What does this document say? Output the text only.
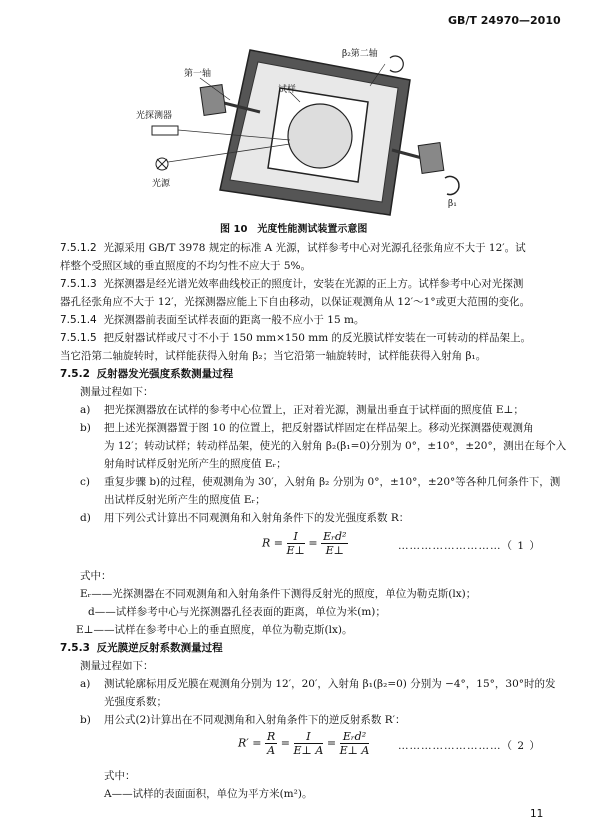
GB/T 24970—2010
β₂第二轴
第一轴
试样
光探测器
光源
β₁
图 10　光度性能测试装置示意图
7.5.1.2 光源采用 GB/T 3978 规定的标准 A 光源，试样参考中心对光源孔径张角应不大于 12′。试
样整个受照区域的垂直照度的不均匀性不应大于 5%。
7.5.1.3 光探测器是经光谱光效率曲线校正的照度计，安装在光源的正上方。试样参考中心对光探测
器孔径张角应不大于 12′，光探测器应能上下自由移动，以保证观测角从 12′～1°或更大范围的变化。
7.5.1.4 光探测器前表面至试样表面的距离一般不应小于 15 m。
7.5.1.5 把反射器试样或尺寸不小于 150 mm×150 mm 的反光膜试样安装在一可转动的样品架上。
当它沿第二轴旋转时，试样能获得入射角 β₂；当它沿第一轴旋转时，试样能获得入射角 β₁。
7.5.2 反射器发光强度系数测量过程
测量过程如下：
a) 把光探测器放在试样的参考中心位置上，正对着光源，测量出垂直于试样面的照度值 E⊥；
b) 把上述光探测器置于图 10 的位置上，把反射器试样固定在样品架上。移动光探测器使观测角
为 12′；转动试样；转动样品架，使光的入射角 β₂(β₁=0)分别为 0°，±10°，±20°，测出在每个入
射角时试样反射光所产生的照度值 Eᵣ；
c) 重复步骤 b)的过程，使观测角为 30′，入射角 β₂ 分别为 0°，±10°，±20°等各种几何条件下，测
出试样反射光所产生的照度值 Eᵣ；
d) 用下列公式计算出不同观测角和入射角条件下的发光强度系数 R：
$R = \frac{I}{E\perp} = \frac{\text{Eᵣd²}}{E\perp}$	………………………（ 1 ）
式中：
Eᵣ——光探测器在不同观测角和入射角条件下测得反射光的照度，单位为勒克斯(lx)；
d——试样参考中心与光探测器孔径表面的距离，单位为米(m)；
E⊥——试样在参考中心上的垂直照度，单位为勒克斯(lx)。
7.5.3 反光膜逆反射系数测量过程
测量过程如下：
a) 测试轮廓标用反光膜在观测角分别为 12′，20′，入射角 β₁(β₂=0) 分别为 −4°，15°，30°时的发
光强度系数；
b) 用公式(2)计算出在不同观测角和入射角条件下的逆反射系数 R′：
$R' = \frac{R}{A} = \frac{I}{E\perp A} = \frac{\text{Eᵣd²}}{E\perp A}$	………………………（ 2 ）
式中：
A——试样的表面面积，单位为平方米(m²)。
11
